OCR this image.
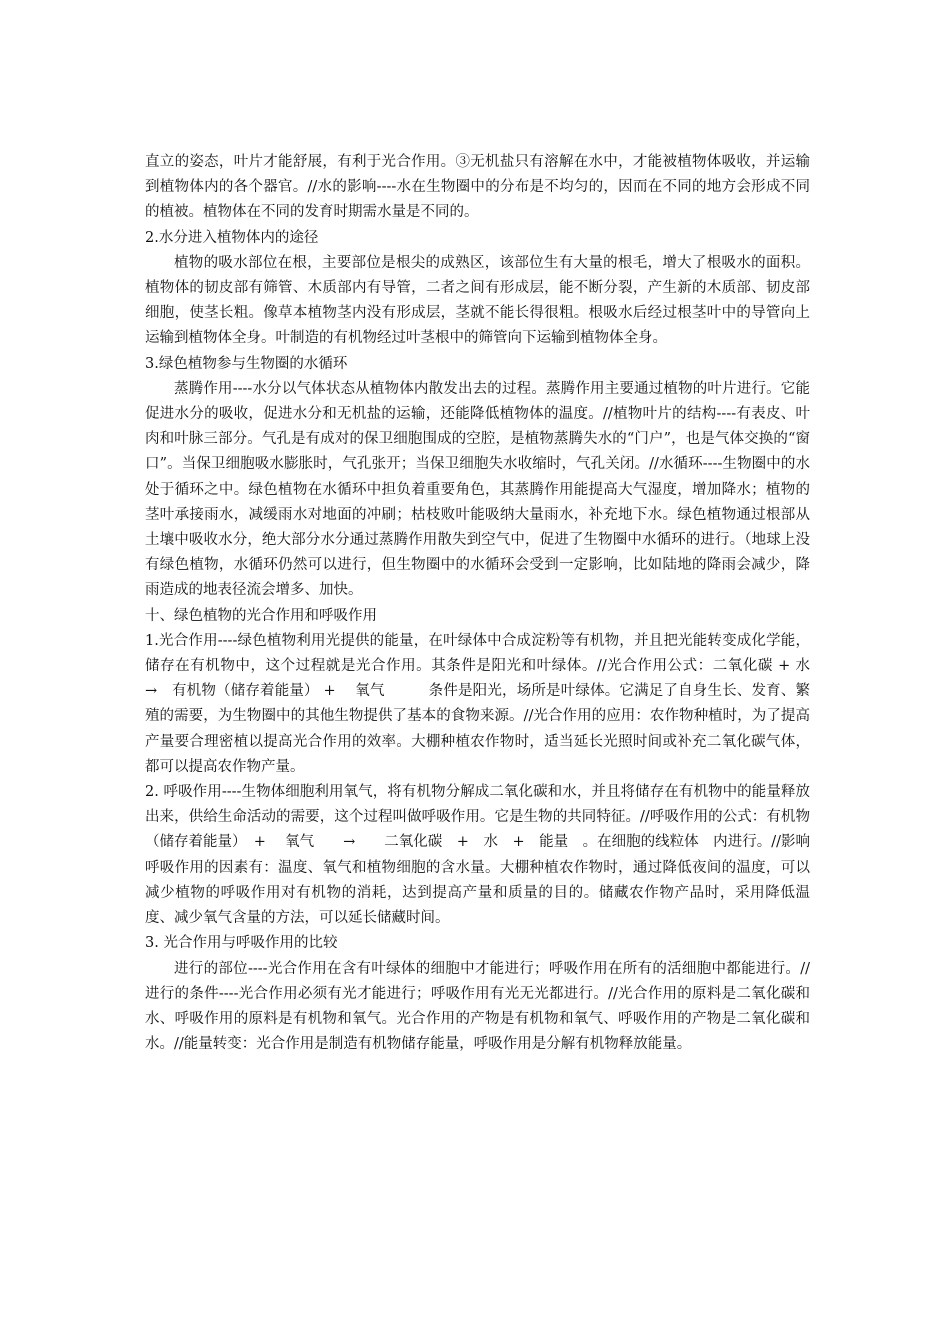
直立的姿态，叶片才能舒展，有利于光合作用。③无机盐只有溶解在水中，才能被植物体吸收，并运输到植物体内的各个器官。//水的影响----水在生物圈中的分布是不均匀的，因而在不同的地方会形成不同的植被。植物体在不同的发育时期需水量是不同的。

2.水分进入植物体内的途径

植物的吸水部位在根，主要部位是根尖的成熟区，该部位生有大量的根毛，增大了根吸水的面积。植物体的韧皮部有筛管、木质部内有导管，二者之间有形成层，能不断分裂，产生新的木质部、韧皮部细胞，使茎长粗。像草本植物茎内没有形成层，茎就不能长得很粗。根吸水后经过根茎叶中的导管向上运输到植物体全身。叶制造的有机物经过叶茎根中的筛管向下运输到植物体全身。

3.绿色植物参与生物圈的水循环

蒸腾作用----水分以气体状态从植物体内散发出去的过程。蒸腾作用主要通过植物的叶片进行。它能促进水分的吸收，促进水分和无机盐的运输，还能降低植物体的温度。//植物叶片的结构----有表皮、叶肉和叶脉三部分。气孔是有成对的保卫细胞围成的空腔，是植物蒸腾失水的“门户”，也是气体交换的“窗口”。当保卫细胞吸水膨胀时，气孔张开；当保卫细胞失水收缩时，气孔关闭。//水循环----生物圈中的水处于循环之中。绿色植物在水循环中担负着重要角色，其蒸腾作用能提高大气湿度，增加降水；植物的茎叶承接雨水，减缓雨水对地面的冲刷；枯枝败叶能吸纳大量雨水，补充地下水。绿色植物通过根部从土壤中吸收水分，绝大部分水分通过蒸腾作用散失到空气中，促进了生物圈中水循环的进行。（地球上没有绿色植物，水循环仍然可以进行，但生物圈中的水循环会受到一定影响，比如陆地的降雨会减少，降雨造成的地表径流会增多、加快。

十、绿色植物的光合作用和呼吸作用

1.光合作用----绿色植物利用光提供的能量，在叶绿体中合成淀粉等有机物，并且把光能转变成化学能，储存在有机物中，这个过程就是光合作用。其条件是阳光和叶绿体。//光合作用公式：二氧化碳 + 水　→　有机物（储存着能量） +　 氧气　　　条件是阳光，场所是叶绿体。它满足了自身生长、发育、繁殖的需要，为生物圈中的其他生物提供了基本的食物来源。//光合作用的应用：农作物种植时，为了提高产量要合理密植以提高光合作用的效率。大棚种植农作物时，适当延长光照时间或补充二氧化碳气体，都可以提高农作物产量。

2. 呼吸作用----生物体细胞利用氧气，将有机物分解成二氧化碳和水，并且将储存在有机物中的能量释放出来，供给生命活动的需要，这个过程叫做呼吸作用。它是生物的共同特征。//呼吸作用的公式：有机物（储存着能量）　+　 氧气　　→　　二氧化碳　+　水　+　能量　。在细胞的线粒体　内进行。//影响呼吸作用的因素有：温度、氧气和植物细胞的含水量。大棚种植农作物时，通过降低夜间的温度，可以减少植物的呼吸作用对有机物的消耗，达到提高产量和质量的目的。储藏农作物产品时，采用降低温度、减少氧气含量的方法，可以延长储藏时间。

3. 光合作用与呼吸作用的比较

进行的部位----光合作用在含有叶绿体的细胞中才能进行；呼吸作用在所有的活细胞中都能进行。//进行的条件----光合作用必须有光才能进行；呼吸作用有光无光都进行。//光合作用的原料是二氧化碳和水、呼吸作用的原料是有机物和氧气。光合作用的产物是有机物和氧气、呼吸作用的产物是二氧化碳和水。//能量转变：光合作用是制造有机物储存能量，呼吸作用是分解有机物释放能量。
